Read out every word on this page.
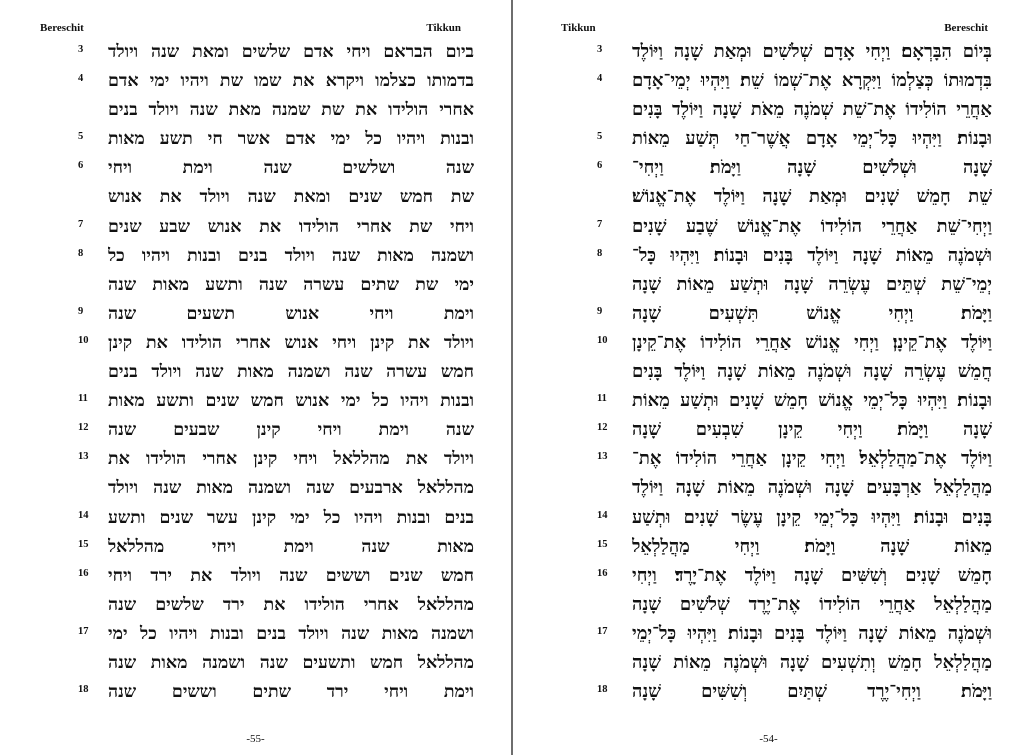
Bereschit	Tikkun
3	ביום הבראם ויחי אדם שלשים ומאת שנה ויולד
4	בדמותו כצלמו ויקרא את שמו שת ויהיו ימי אדם
אחרי הולידו את שת שמנה מאת שנה ויולד בנים
5	ובנות ויהיו כל ימי אדם אשר חי תשע מאות
6	שנה ושלשים שנה וימת ויחי
שת חמש שנים ומאת שנה ויולד את אנוש
7	ויחי שת אחרי הולידו את אנוש שבע שנים
8	ושמנה מאות שנה ויולד בנים ובנות ויהיו כל
ימי שת שתים עשרה שנה ותשע מאות שנה
9	וימת ויחי אנוש תשעים שנה
10	ויולד את קינן ויחי אנוש אחרי הולידו את קינן
חמש עשרה שנה ושמנה מאות שנה ויולד בנים
11	ובנות ויהיו כל ימי אנוש חמש שנים ותשע מאות
12	שנה וימת ויחי קינן שבעים שנה
13	ויולד את מהללאל ויחי קינן אחרי הולידו את
מהללאל ארבעים שנה ושמנה מאות שנה ויולד
14	בנים ובנות ויהיו כל ימי קינן עשר שנים ותשע
15	מאות שנה וימת ויחי מהללאל
16	חמש שנים וששים שנה ויולד את ירד ויחי
מהללאל אחרי הולידו את ירד שלשים שנה
17	ושמנה מאות שנה ויולד בנים ובנות ויהיו כל ימי
מהללאל חמש ותשעים שנה ושמנה מאות שנה
18	וימת ויחי ירד שתים וששים שנה
-55-
Tikkun	Bereschit
3	בְּיוֹם הִבָּרְאָם׃ וַיְחִי אָדָם שְׁלֹשִׁים וּמְאַת שָׁנָה וַיּוֹלֶד
4	בִּדְמוּתוֹ כְּצַלְמוֹ וַיִּקְרָא אֶת־שְׁמוֹ שֵׁת׃ וַיִּהְיוּ יְמֵי־אָדָם
אַחֲרֵי הוֹלִידוֹ אֶת־שֵׁת שְׁמֹנֶה מֵאֹת שָׁנָה וַיּוֹלֶד בָּנִים
5	וּבָנוֹת׃ וַיִּהְיוּ כָּל־יְמֵי אָדָם אֲשֶׁר־חַי תְּשַׁע מֵאוֹת
6	שָׁנָה וּשְׁלֹשִׁים שָׁנָה וַיָּמֹת׃ וַיְחִי־
שֵׁת חָמֵשׁ שָׁנִים וּמְאַת שָׁנָה וַיּוֹלֶד אֶת־אֱנוֹשׁ׃
7	וַיְחִי־שֵׁת אַחֲרֵי הוֹלִידוֹ אֶת־אֱנוֹשׁ שֶׁבַע שָׁנִים
8	וּשְׁמֹנֶה מֵאוֹת שָׁנָה וַיּוֹלֶד בָּנִים וּבָנוֹת׃ וַיִּהְיוּ כָּל־
יְמֵי־שֵׁת שְׁתֵּים עֶשְׂרֵה שָׁנָה וּתְשַׁע מֵאוֹת שָׁנָה
9	וַיָּמֹת׃ וַיְחִי אֱנוֹשׁ תִּשְׁעִים שָׁנָה
10	וַיּוֹלֶד אֶת־קֵינָן׃ וַיְחִי אֱנוֹשׁ אַחֲרֵי הוֹלִידוֹ אֶת־קֵינָן
חֲמֵשׁ עֶשְׂרֵה שָׁנָה וּשְׁמֹנֶה מֵאוֹת שָׁנָה וַיּוֹלֶד בָּנִים
11	וּבָנוֹת׃ וַיִּהְיוּ כָּל־יְמֵי אֱנוֹשׁ חָמֵשׁ שָׁנִים וּתְשַׁע מֵאוֹת
12	שָׁנָה וַיָּמֹת׃ וַיְחִי קֵינָן שִׁבְעִים שָׁנָה
13	וַיּוֹלֶד אֶת־מַהֲלַלְאֵל׃ וַיְחִי קֵינָן אַחֲרֵי הוֹלִידוֹ אֶת־
מַהֲלַלְאֵל אַרְבָּעִים שָׁנָה וּשְׁמֹנֶה מֵאוֹת שָׁנָה וַיּוֹלֶד
14	בָּנִים וּבָנוֹת׃ וַיִּהְיוּ כָּל־יְמֵי קֵינָן עֶשֶׂר שָׁנִים וּתְשַׁע
15	מֵאוֹת שָׁנָה וַיָּמֹת׃ וַיְחִי מַהֲלַלְאֵל
16	חָמֵשׁ שָׁנִים וְשִׁשִּׁים שָׁנָה וַיּוֹלֶד אֶת־יָרֶד׃ וַיְחִי
מַהֲלַלְאֵל אַחֲרֵי הוֹלִידוֹ אֶת־יֶרֶד שְׁלֹשִׁים שָׁנָה
17	וּשְׁמֹנֶה מֵאוֹת שָׁנָה וַיּוֹלֶד בָּנִים וּבָנוֹת׃ וַיִּהְיוּ כָּל־יְמֵי
מַהֲלַלְאֵל חָמֵשׁ וְתִשְׁעִים שָׁנָה וּשְׁמֹנֶה מֵאוֹת שָׁנָה
18	וַיָּמֹת׃ וַיְחִי־יֶרֶד שְׁתַּיִם וְשִׁשִּׁים שָׁנָה
-54-
